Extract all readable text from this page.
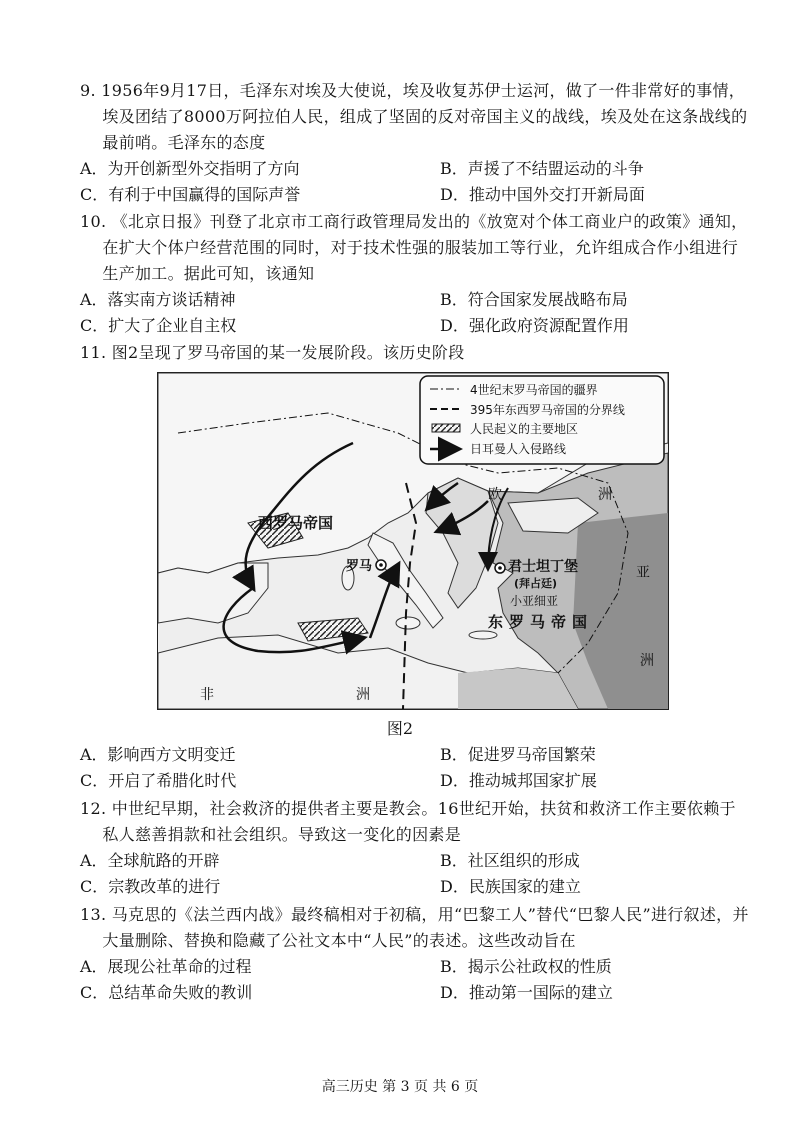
9. 1956年9月17日，毛泽东对埃及大使说，埃及收复苏伊士运河，做了一件非常好的事情，埃及团结了8000万阿拉伯人民，组成了坚固的反对帝国主义的战线，埃及处在这条战线的最前哨。毛泽东的态度
A．为开创新型外交指明了方向	B．声援了不结盟运动的斗争
C．有利于中国赢得的国际声誉	D．推动中国外交打开新局面
10. 《北京日报》刊登了北京市工商行政管理局发出的《放宽对个体工商业户的政策》通知，在扩大个体户经营范围的同时，对于技术性强的服装加工等行业，允许组成合作小组进行生产加工。据此可知，该通知
A．落实南方谈话精神	B．符合国家发展战略布局
C．扩大了企业自主权	D．强化政府资源配置作用
11. 图2呈现了罗马帝国的某一发展阶段。该历史阶段
西罗马帝国
罗马	君士坦丁堡
(拜占廷)
小亚细亚
东罗马帝国
欧	洲
非	洲
亚
洲
4世纪末罗马帝国的疆界
395年东西罗马帝国的分界线
人民起义的主要地区
日耳曼人入侵路线
图2
A．影响西方文明变迁	B．促进罗马帝国繁荣
C．开启了希腊化时代	D．推动城邦国家扩展
12. 中世纪早期，社会救济的提供者主要是教会。16世纪开始，扶贫和救济工作主要依赖于私人慈善捐款和社会组织。导致这一变化的因素是
A．全球航路的开辟	B．社区组织的形成
C．宗教改革的进行	D．民族国家的建立
13. 马克思的《法兰西内战》最终稿相对于初稿，用“巴黎工人”替代“巴黎人民”进行叙述，并大量删除、替换和隐藏了公社文本中“人民”的表述。这些改动旨在
A．展现公社革命的过程	B．揭示公社政权的性质
C．总结革命失败的教训	D．推动第一国际的建立
高三历史 第 3 页 共 6 页
